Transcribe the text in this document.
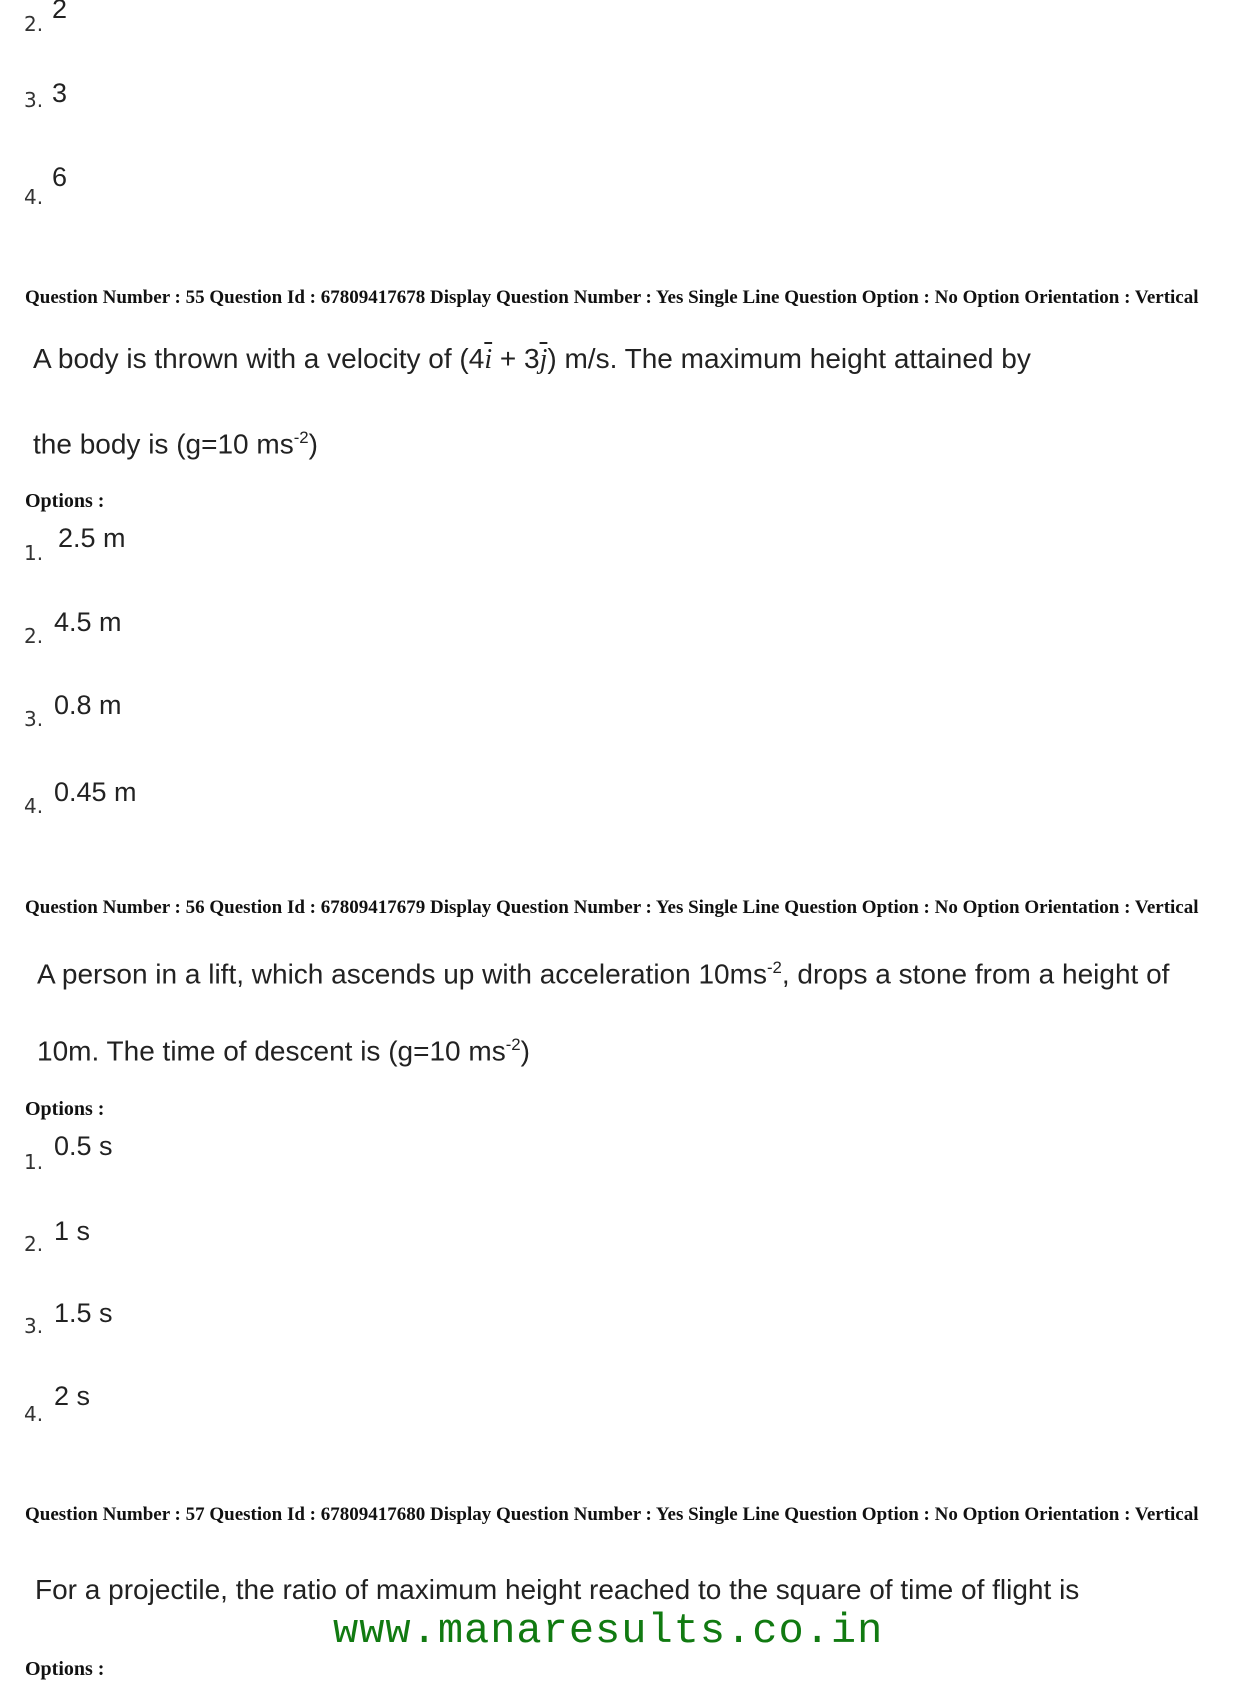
2. 2
3. 3
4.
6
Question Number : 55 Question Id : 67809417678 Display Question Number : Yes Single Line Question Option : No Option Orientation : Vertical
A body is thrown with a velocity of $(4\overline{i} + 3\overline{j})$ m/s. The maximum height attained by
the body is (g=10 $ms^{-2}$)
Options :
1. 2.5 m
2. 4.5 m
3. 0.8 m
4. 0.45 m
Question Number : 56 Question Id : 67809417679 Display Question Number : Yes Single Line Question Option : No Option Orientation : Vertical
A person in a lift, which ascends up with acceleration $10ms^{-2}$, drops a stone from a height of
10m. The time of descent is (g=10 $ms^{-2}$)
Options :
1.
0.5 s
2. 1 s
3. 1.5 s
4.
2 s
Question Number : 57 Question Id : 67809417680 Display Question Number : Yes Single Line Question Option : No Option Orientation : Vertical
For a projectile, the ratio of maximum height reached to the square of time of flight is
Options :
www.manaresults.co.in
